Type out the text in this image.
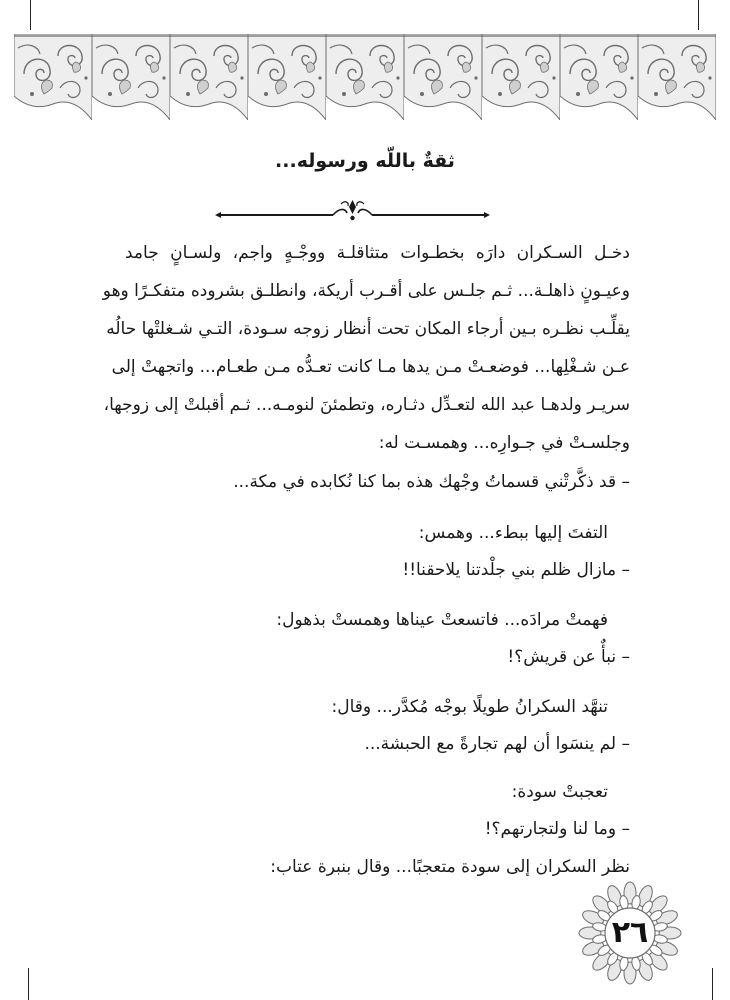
ثقةٌ باللّه ورسوله...
دخـل السـكران دارَه بخطـوات متثاقلـة ووجْـهٍ واجم، ولسـانٍ جامد
وعيـونٍ ذاهلـة... ثـم جلـس على أقـرب أريكة، وانطلـق بشروده متفكـرًا وهو
يقلِّـب نظـره بـين أرجاء المكان تحت أنظار زوجه سـودة، التـي شـغلتْها حالُه
عـن شـغْلِها... فوضعـتْ مـن يدها مـا كانت تعـدُّه مـن طعـام... واتجهتْ إلى
سريـر ولدهـا عبد الله لتعـدِّل دثـاره، وتطمئنَ لنومـه... ثـم أقبلتْ إلى زوجها،
وجلسـتْ في جـوارِه... وهمسـت له:
– قد ذكَّرتْني قسماتُ وجْهك هذه بما كنا نُكابده في مكة...
التفتَ إليها ببطء... وهمس:
– مازال ظلم بني جلْدتنا يلاحقنا!!
فهمتْ مرادَه... فاتسعتْ عيناها وهمستْ بذهول:
– نبأٌ عن قريش؟!
تنهَّد السكرانُ طويلًا بوجْه مُكدَّر... وقال:
– لم ينسَوا أن لهم تجارةً مع الحبشة...
تعجبتْ سودة:
– وما لنا ولتجارتهم؟!
نظر السكران إلى سودة متعجبًا... وقال بنبرة عتاب:
٢٦
